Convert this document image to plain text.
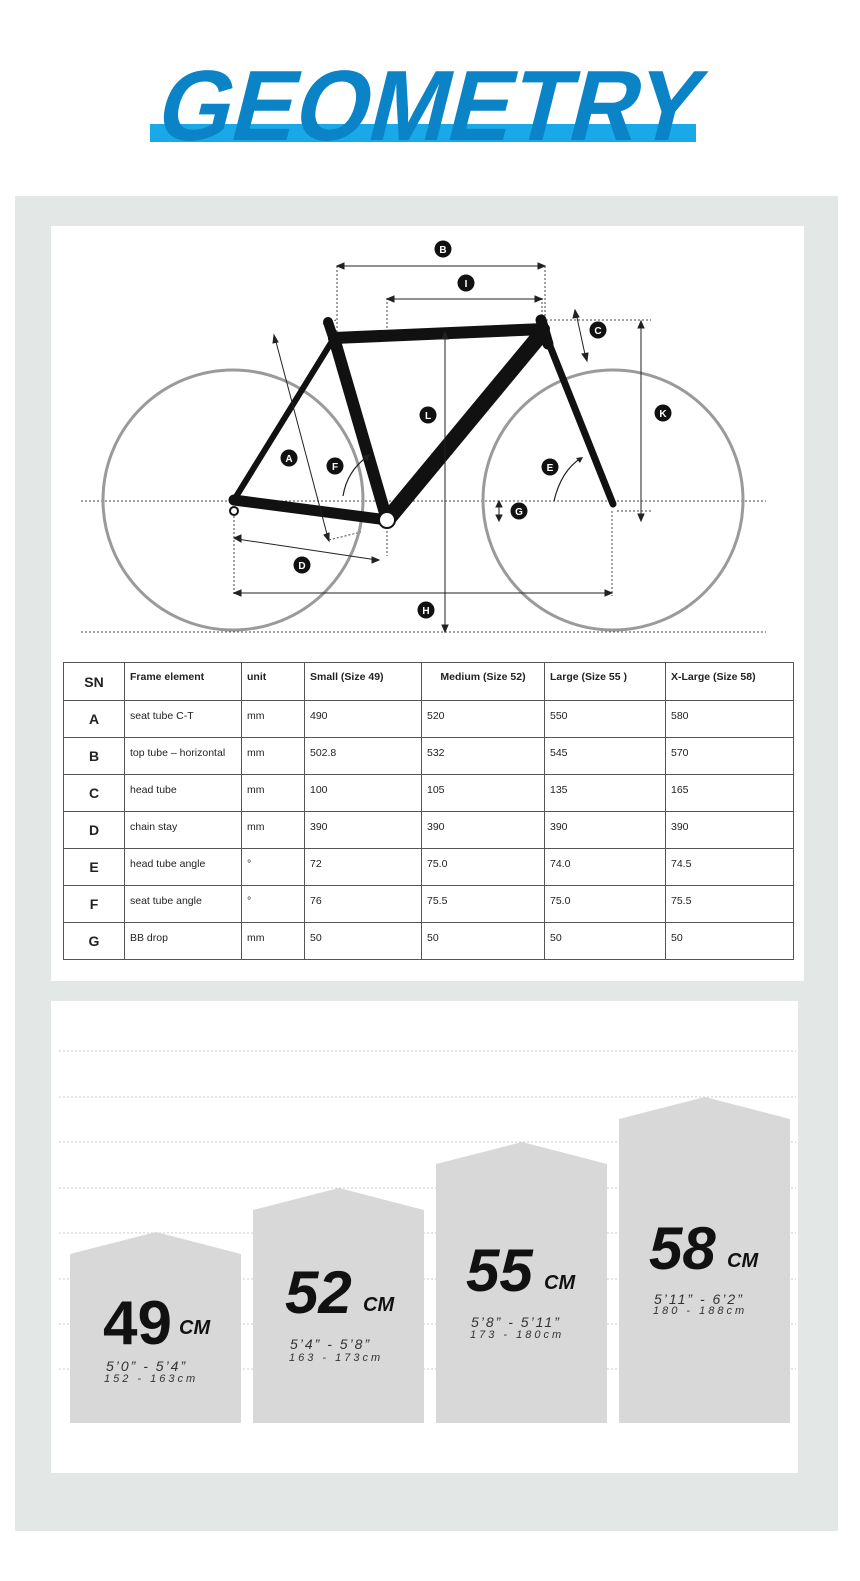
GEOMETRY
B
I
C
L	K
A
F	E
G
D
H
SN	Frame element	unit	Small (Size 49)	Medium (Size 52)	Large (Size 55 )	X-Large (Size 58)
A	seat tube C-T	mm	490	520	550	580
B	top tube – horizontal	mm	502.8	532	545	570
C	head tube	mm	100	105	135	165
D	chain stay	mm	390	390	390	390
E	head tube angle	°	72	75.0	74.0	74.5
F	seat tube angle	°	76	75.5	75.0	75.5
G	BB drop	mm	50	50	50	50
49 CM
5’0” - 5’4”
152 - 163cm
52 CM
5’4” - 5’8”
163 - 173cm
55 CM
5’8” - 5’11”
173 - 180cm
58 CM
5’11” - 6’2”
180 - 188cm
